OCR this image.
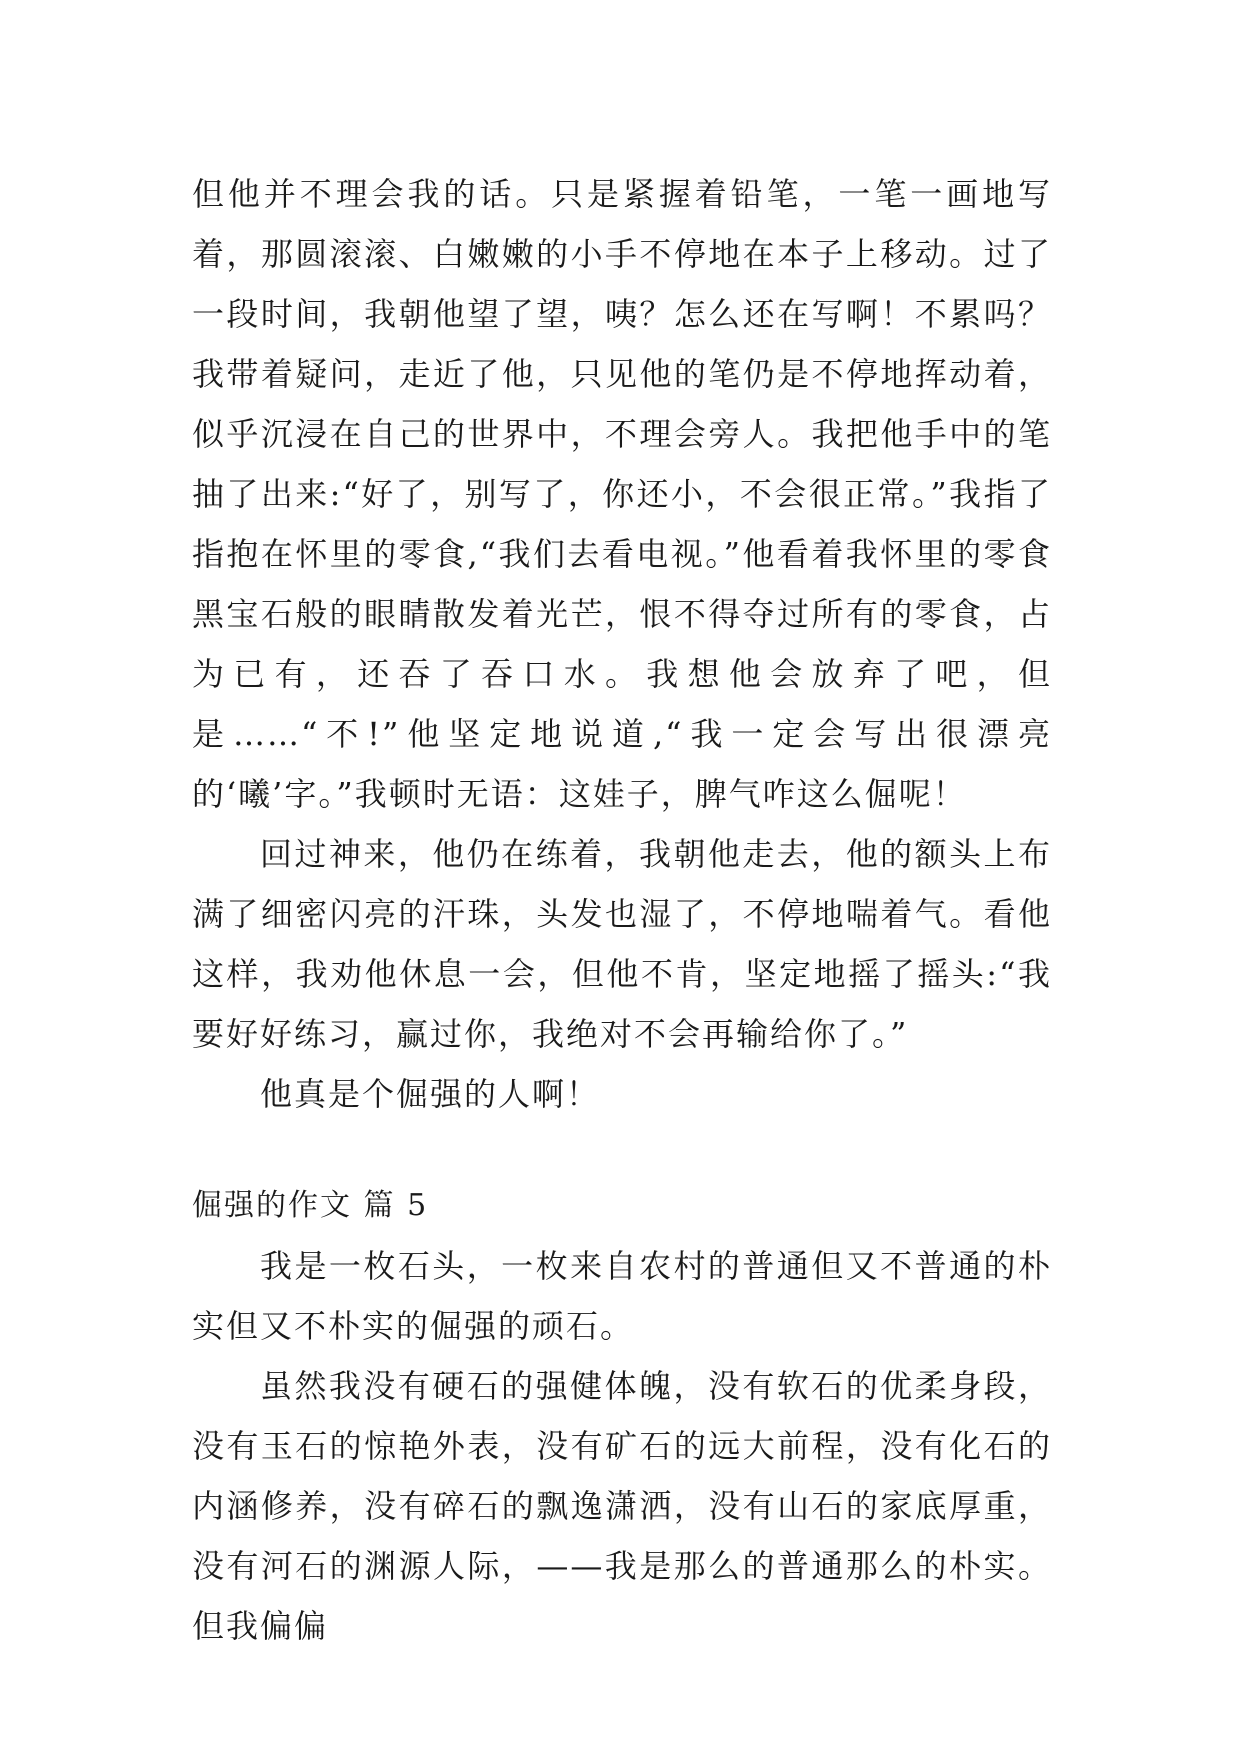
但他并不理会我的话。只是紧握着铅笔，一笔一画地写着，那圆滚滚、白嫩嫩的小手不停地在本子上移动。过了一段时间，我朝他望了望，咦？怎么还在写啊！不累吗？我带着疑问，走近了他，只见他的笔仍是不停地挥动着，似乎沉浸在自己的世界中，不理会旁人。我把他手中的笔抽了出来:“好了，别写了，你还小，不会很正常。”我指了指抱在怀里的零食,“我们去看电视。”他看着我怀里的零食黑宝石般的眼睛散发着光芒，恨不得夺过所有的零食，占为已有，还吞了吞口水。我想他会放弃了吧，但是……“不!”他坚定地说道,“我一定会写出很漂亮的‘曦’字。”我顿时无语：这娃子，脾气咋这么倔呢！

回过神来，他仍在练着，我朝他走去，他的额头上布满了细密闪亮的汗珠，头发也湿了，不停地喘着气。看他这样，我劝他休息一会，但他不肯，坚定地摇了摇头:“我要好好练习，赢过你，我绝对不会再输给你了。”

他真是个倔强的人啊！

倔强的作文 篇 5

我是一枚石头，一枚来自农村的普通但又不普通的朴实但又不朴实的倔强的顽石。

虽然我没有硬石的强健体魄，没有软石的优柔身段，没有玉石的惊艳外表，没有矿石的远大前程，没有化石的内涵修养，没有碎石的飘逸潇洒，没有山石的家底厚重，没有河石的渊源人际，——我是那么的普通那么的朴实。但我偏偏
